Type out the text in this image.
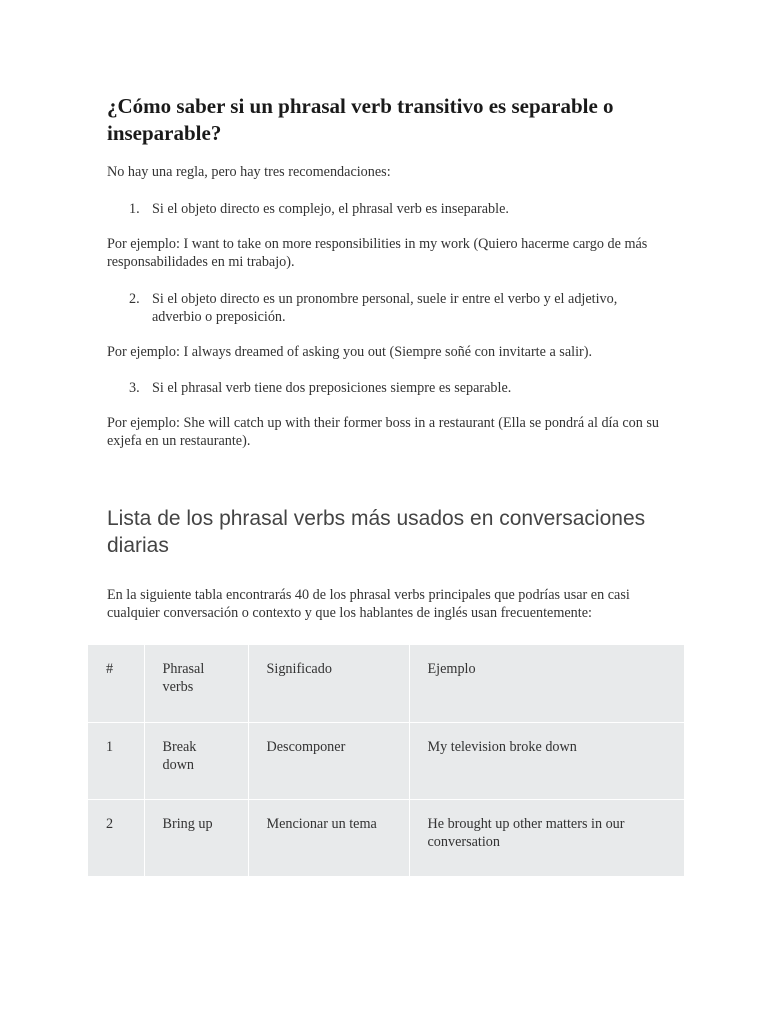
¿Cómo saber si un phrasal verb transitivo es separable o inseparable?
No hay una regla, pero hay tres recomendaciones:
1. Si el objeto directo es complejo, el phrasal verb es inseparable.
Por ejemplo: I want to take on more responsibilities in my work (Quiero hacerme cargo de más responsabilidades en mi trabajo).
2. Si el objeto directo es un pronombre personal, suele ir entre el verbo y el adjetivo, adverbio o preposición.
Por ejemplo: I always dreamed of asking you out (Siempre soñé con invitarte a salir).
3. Si el phrasal verb tiene dos preposiciones siempre es separable.
Por ejemplo: She will catch up with their former boss in a restaurant (Ella se pondrá al día con su exjefa en un restaurante).
Lista de los phrasal verbs más usados en conversaciones diarias
En la siguiente tabla encontrarás 40 de los phrasal verbs principales que podrías usar en casi cualquier conversación o contexto y que los hablantes de inglés usan frecuentemente:
#	Phrasal verbs	Significado	Ejemplo
1	Break down	Descomponer	My television broke down
2	Bring up	Mencionar un tema	He brought up other matters in our conversation
